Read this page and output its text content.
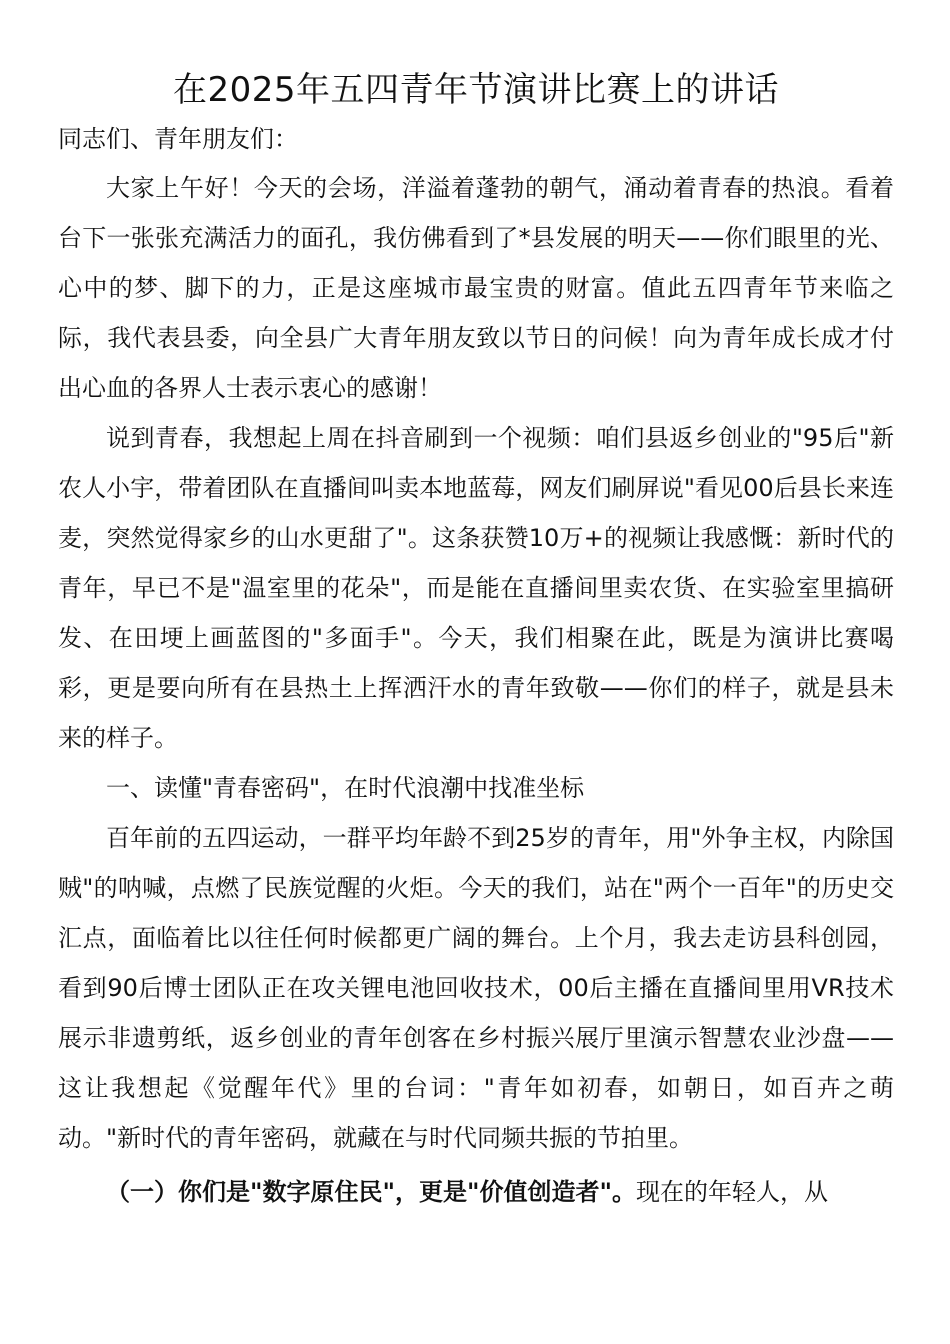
在2025年五四青年节演讲比赛上的讲话

同志们、青年朋友们：

大家上午好！今天的会场，洋溢着蓬勃的朝气，涌动着青春的热浪。看着台下一张张充满活力的面孔，我仿佛看到了*县发展的明天——你们眼里的光、心中的梦、脚下的力，正是这座城市最宝贵的财富。值此五四青年节来临之际，我代表县委，向全县广大青年朋友致以节日的问候！向为青年成长成才付出心血的各界人士表示衷心的感谢！

说到青春，我想起上周在抖音刷到一个视频：咱们县返乡创业的"95后"新农人小宇，带着团队在直播间叫卖本地蓝莓，网友们刷屏说"看见00后县长来连麦，突然觉得家乡的山水更甜了"。这条获赞10万+的视频让我感慨：新时代的青年，早已不是"温室里的花朵"，而是能在直播间里卖农货、在实验室里搞研发、在田埂上画蓝图的"多面手"。今天，我们相聚在此，既是为演讲比赛喝彩，更是要向所有在县热土上挥洒汗水的青年致敬——你们的样子，就是县未来的样子。

一、读懂"青春密码"，在时代浪潮中找准坐标

百年前的五四运动，一群平均年龄不到25岁的青年，用"外争主权，内除国贼"的呐喊，点燃了民族觉醒的火炬。今天的我们，站在"两个一百年"的历史交汇点，面临着比以往任何时候都更广阔的舞台。上个月，我去走访县科创园，看到90后博士团队正在攻关锂电池回收技术，00后主播在直播间里用VR技术展示非遗剪纸，返乡创业的青年创客在乡村振兴展厅里演示智慧农业沙盘——这让我想起《觉醒年代》里的台词："青年如初春，如朝日，如百卉之萌动。"新时代的青年密码，就藏在与时代同频共振的节拍里。

（一）你们是"数字原住民"，更是"价值创造者"。现在的年轻人，从
